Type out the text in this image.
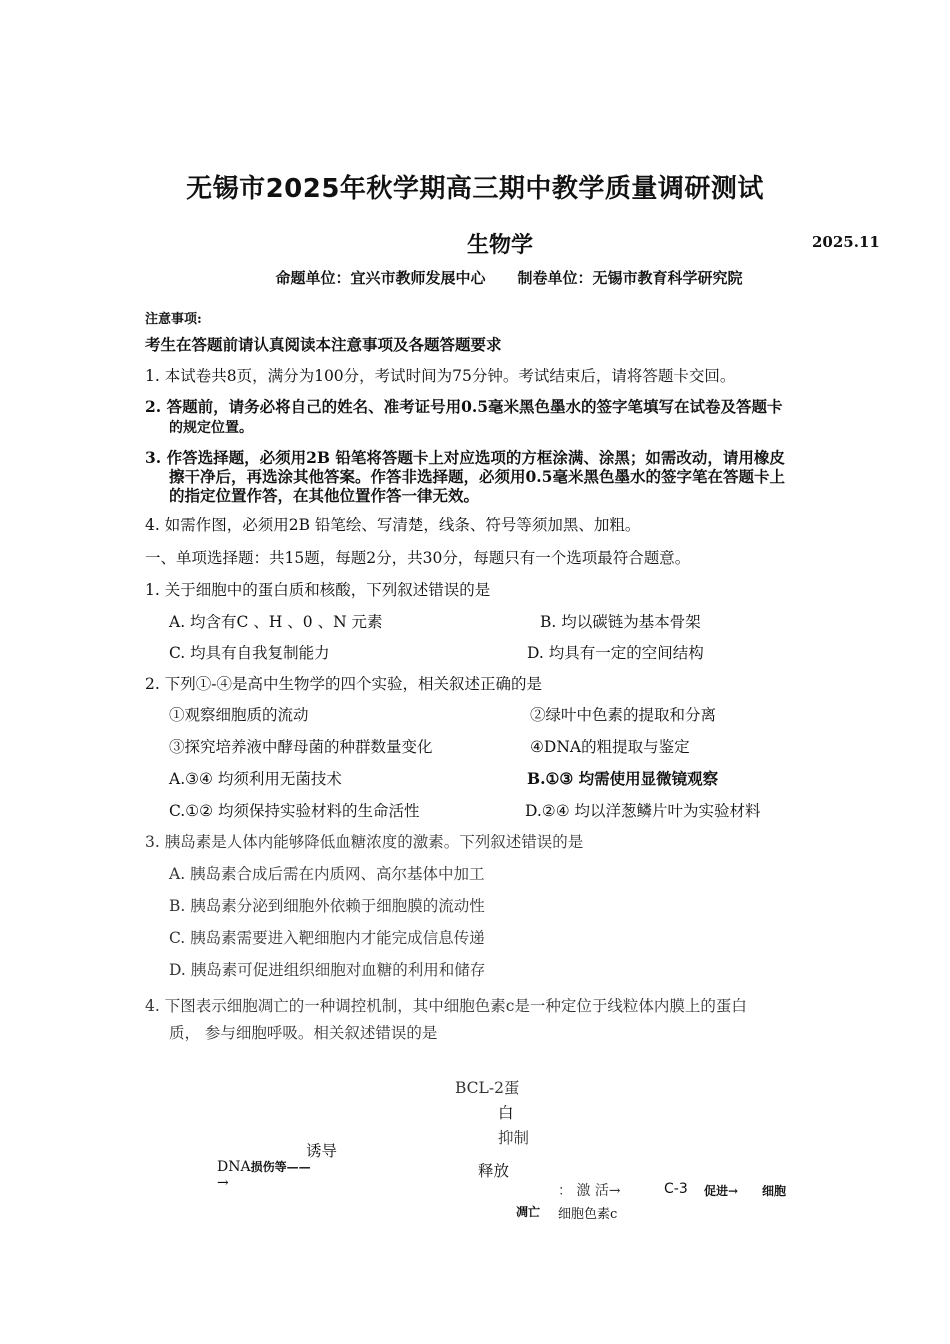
无锡市2025年秋学期高三期中教学质量调研测试
生物学	2025.11
命题单位：宜兴市教师发展中心 制卷单位：无锡市教育科学研究院
注意事项:
考生在答题前请认真阅读本注意事项及各题答题要求
1. 本试卷共8页，满分为100分，考试时间为75分钟。考试结束后，请将答题卡交回。
2. 答题前，请务必将自己的姓名、准考证号用0.5毫米黑色墨水的签字笔填写在试卷及答题卡
的规定位置。
3. 作答选择题，必须用2B 铅笔将答题卡上对应选项的方框涂满、涂黑；如需改动，请用橡皮
擦干净后，再选涂其他答案。作答非选择题，必须用0.5毫米黑色墨水的签字笔在答题卡上
的指定位置作答，在其他位置作答一律无效。
4. 如需作图，必须用2B 铅笔绘、写清楚，线条、符号等须加黑、加粗。
一、单项选择题：共15题，每题2分，共30分，每题只有一个选项最符合题意。
1. 关于细胞中的蛋白质和核酸，下列叙述错误的是
A. 均含有C 、H 、0 、N 元素	B. 均以碳链为基本骨架
C. 均具有自我复制能力	D. 均具有一定的空间结构
2. 下列①-④是高中生物学的四个实验，相关叙述正确的是
①观察细胞质的流动	②绿叶中色素的提取和分离
③探究培养液中酵母菌的种群数量变化	④DNA的粗提取与鉴定
A.③④ 均须利用无菌技术	B.①③ 均需使用显微镜观察
C.①② 均须保持实验材料的生命活性	D.②④ 均以洋葱鳞片叶为实验材料
3. 胰岛素是人体内能够降低血糖浓度的激素。下列叙述错误的是
A. 胰岛素合成后需在内质网、高尔基体中加工
B. 胰岛素分泌到细胞外依赖于细胞膜的流动性
C. 胰岛素需要进入靶细胞内才能完成信息传递
D. 胰岛素可促进组织细胞对血糖的利用和储存
4. 下图表示细胞凋亡的一种调控机制，其中细胞色素c是一种定位于线粒体内膜上的蛋白
质， 参与细胞呼吸。相关叙述错误的是
BCL-2蛋
白
抑制
诱导
DNA损伤等——
→
释放
： 激 活→	C-3 促进→ 细胞
凋亡 细胞色素c
